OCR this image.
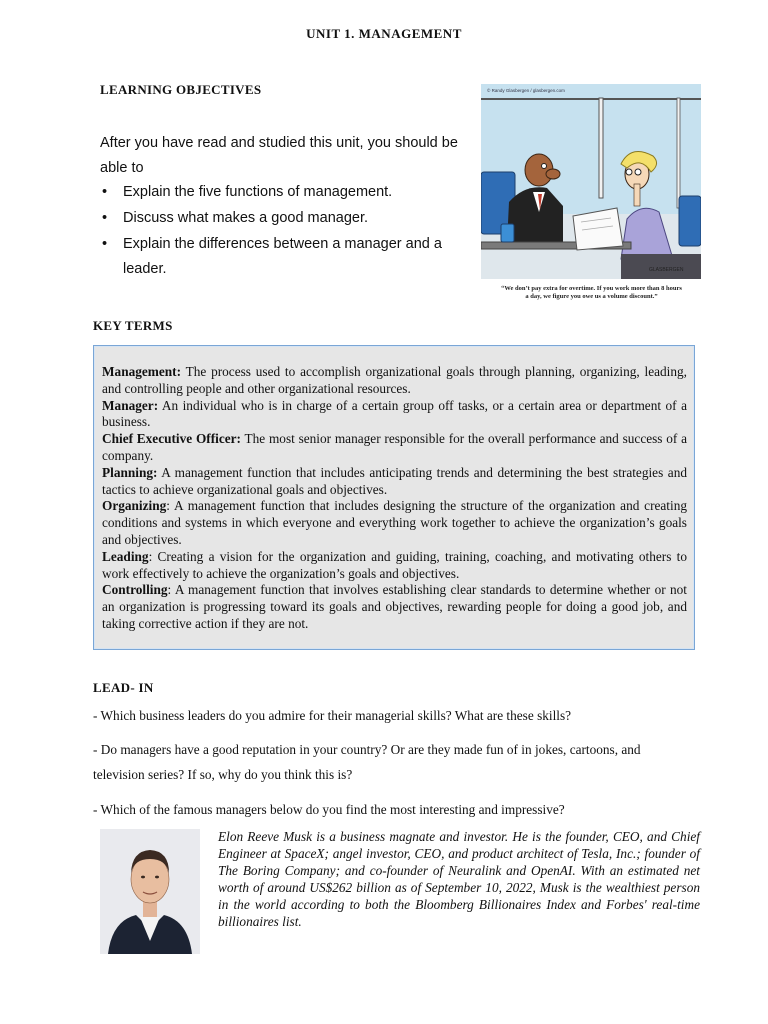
UNIT 1. MANAGEMENT
LEARNING OBJECTIVES

After you have read and studied this unit, you should be able to

• Explain the five functions of management.
• Discuss what makes a good manager.
• Explain the differences between a manager and a leader.
© Randy Glasbergen / glasbergen.com
GLASBERGEN
“We don’t pay extra for overtime. If you work more than 8 hours a day, we figure you owe us a volume discount.”
KEY TERMS

Management: The process used to accomplish organizational goals through planning, organizing, leading, and controlling people and other organizational resources.

Manager: An individual who is in charge of a certain group off tasks, or a certain area or department of a business.

Chief Executive Officer: The most senior manager responsible for the overall performance and success of a company.

Planning: A management function that includes anticipating trends and determining the best strategies and tactics to achieve organizational goals and objectives.

Organizing: A management function that includes designing the structure of the organization and creating conditions and systems in which everyone and everything work together to achieve the organization’s goals and objectives.

Leading: Creating a vision for the organization and guiding, training, coaching, and motivating others to work effectively to achieve the organization’s goals and objectives.

Controlling: A management function that involves establishing clear standards to determine whether or not an organization is progressing toward its goals and objectives, rewarding people for doing a good job, and taking corrective action if they are not.

LEAD- IN

- Which business leaders do you admire for their managerial skills? What are these skills?

- Do managers have a good reputation in your country? Or are they made fun of in jokes, cartoons, and television series? If so, why do you think this is?

- Which of the famous managers below do you find the most interesting and impressive?

Elon Reeve Musk is a business magnate and investor. He is the founder, CEO, and Chief Engineer at SpaceX; angel investor, CEO, and product architect of Tesla, Inc.; founder of The Boring Company; and co-founder of Neuralink and OpenAI. With an estimated net worth of around US$262 billion as of September 10, 2022, Musk is the wealthiest person in the world according to both the Bloomberg Billionaires Index and Forbes' real-time billionaires list.
